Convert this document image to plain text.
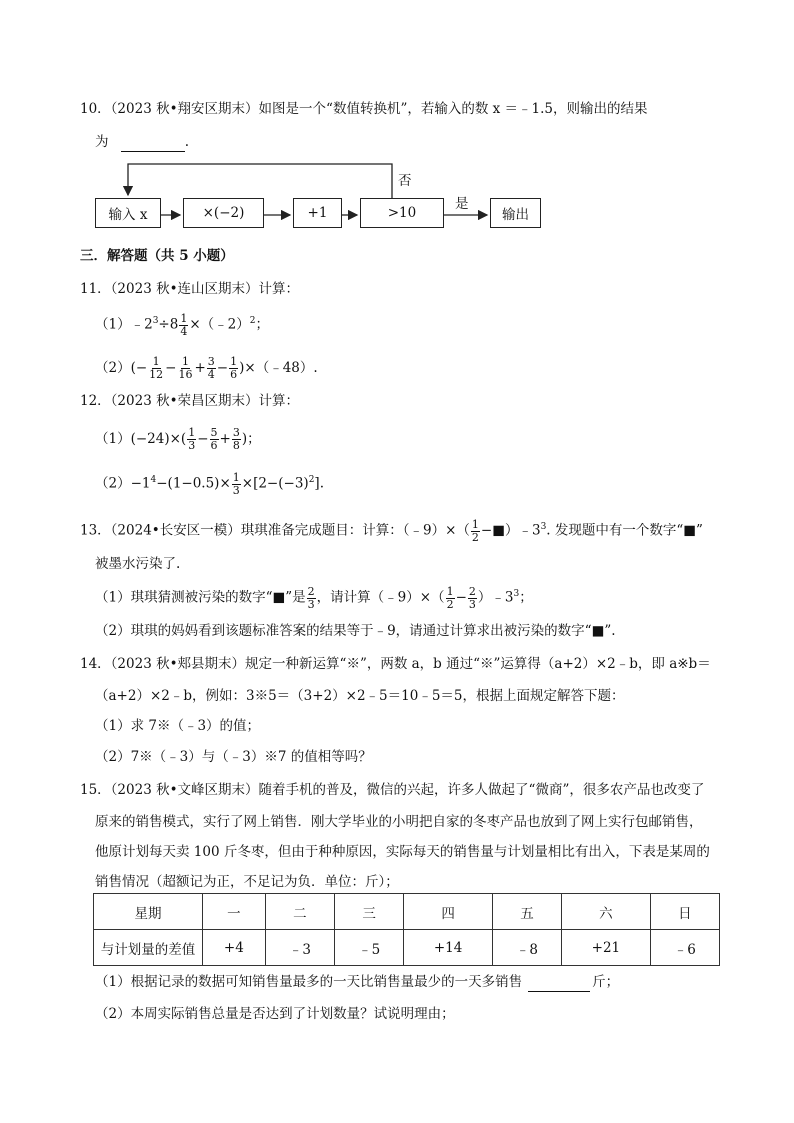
10．（2023 秋•翔安区期末）如图是一个“数值转换机”，若输入的数 x ＝﹣1.5，则输出的结果
为	.
输入 x	×(−2)	+1	>10	输出
否
是
三．解答题（共 5 小题）
11．（2023 秋•连山区期末）计算：
$(1)﹣2^3\div 8 \frac{1}{4}$ ×（﹣2）$^2$；
$(2)(- \frac{1}{12} - \frac{1}{16} + \frac{3}{4} - \frac{1}{6}$ )×（﹣48）.
12．（2023 秋•荣昌区期末）计算：
$(1)(-24)\times( \frac{1}{3} - \frac{5}{6} + \frac{3}{8}$ )；
$(2)-1^4-(1-0.5)\times \frac{1}{3} \times[2-(-3)^2]$.
13．（2024•长安区一模）琪琪准备完成题目：计算：（﹣9）×（ $\frac{1}{2}$ $-■)﹣3^3$. 发现题中有一个数字“■”
被墨水污染了.
（1）琪琪猜测被污染的数字“■”是 $\frac{2}{3}$ ，请计算（﹣9）×（ $\frac{1}{2} - \frac{2}{3}$ ）$﹣3^3$；
（2）琪琪的妈妈看到该题标准答案的结果等于﹣9，请通过计算求出被污染的数字“■”.
14．（2023 秋•郏县期末）规定一种新运算“※”，两数 a，b 通过“※”运算得（a+2）×2﹣b，即 a※b＝
（a+2）×2﹣b，例如：3※5＝（3+2）×2﹣5＝10﹣5＝5，根据上面规定解答下题：
（1）求 7※（﹣3）的值；
（2）7※（﹣3）与（﹣3）※7 的值相等吗？
15．（2023 秋•文峰区期末）随着手机的普及，微信的兴起，许多人做起了“微商”，很多农产品也改变了
原来的销售模式，实行了网上销售．刚大学毕业的小明把自家的冬枣产品也放到了网上实行包邮销售，
他原计划每天卖 100 斤冬枣，但由于种种原因，实际每天的销售量与计划量相比有出入，下表是某周的
销售情况（超额记为正，不足记为负．单位：斤）；
星期	一	二	三	四	五	六	日
与计划量的差值	+4	﹣3	﹣5	+14	﹣8	+21	﹣6
（1）根据记录的数据可知销售量最多的一天比销售量最少的一天多销售	斤；
（2）本周实际销售总量是否达到了计划数量？试说明理由；
